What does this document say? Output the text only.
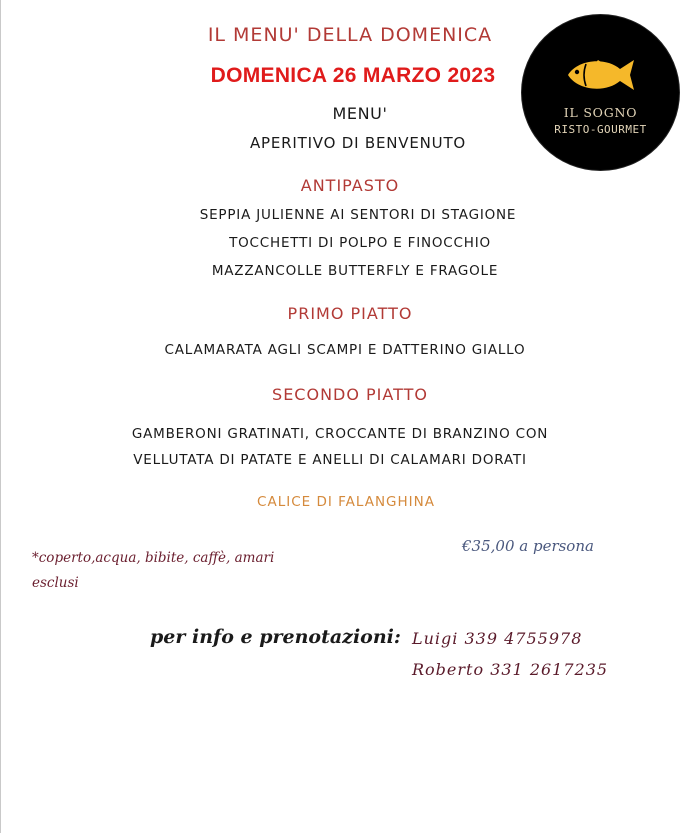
IL MENU' DELLA DOMENICA
DOMENICA 26 MARZO 2023
MENU'
APERITIVO DI BENVENUTO
IL SOGNO
RISTO-GOURMET
ANTIPASTO
SEPPIA JULIENNE AI SENTORI DI STAGIONE
TOCCHETTI DI POLPO E FINOCCHIO
MAZZANCOLLE BUTTERFLY E FRAGOLE
PRIMO PIATTO
CALAMARATA AGLI SCAMPI E DATTERINO GIALLO
SECONDO PIATTO
GAMBERONI GRATINATI, CROCCANTE DI BRANZINO CON
VELLUTATA DI PATATE E ANELLI DI CALAMARI DORATI
CALICE DI FALANGHINA
€35,00 a persona
*coperto,acqua, bibite, caffè, amari
esclusi
per info e prenotazioni: Luigi 339 4755978
Roberto 331 2617235
